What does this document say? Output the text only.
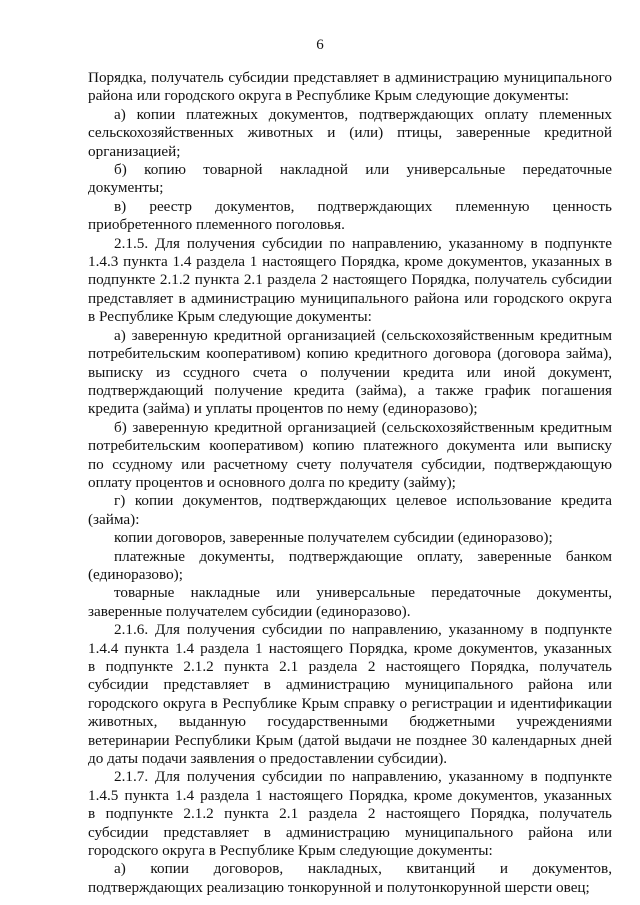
6
Порядка, получатель субсидии представляет в администрацию муниципального
района или городского округа в Республике Крым следующие документы:
а) копии платежных документов, подтверждающих оплату племенных
сельскохозяйственных животных и (или) птицы, заверенные кредитной
организацией;
б) копию товарной накладной или универсальные передаточные
документы;
в) реестр документов, подтверждающих племенную ценность
приобретенного племенного поголовья.
2.1.5. Для получения субсидии по направлению, указанному в подпункте
1.4.3 пункта 1.4 раздела 1 настоящего Порядка, кроме документов, указанных в
подпункте 2.1.2 пункта 2.1 раздела 2 настоящего Порядка, получатель субсидии
представляет в администрацию муниципального района или городского округа
в Республике Крым следующие документы:
а) заверенную кредитной организацией (сельскохозяйственным кредитным
потребительским кооперативом) копию кредитного договора (договора займа),
выписку из ссудного счета о получении кредита или иной документ,
подтверждающий получение кредита (займа), а также график погашения
кредита (займа) и уплаты процентов по нему (единоразово);
б) заверенную кредитной организацией (сельскохозяйственным кредитным
потребительским кооперативом) копию платежного документа или выписку
по ссудному или расчетному счету получателя субсидии, подтверждающую
оплату процентов и основного долга по кредиту (займу);
г) копии документов, подтверждающих целевое использование кредита
(займа):
копии договоров, заверенные получателем субсидии (единоразово);
платежные документы, подтверждающие оплату, заверенные банком
(единоразово);
товарные накладные или универсальные передаточные документы,
заверенные получателем субсидии (единоразово).
2.1.6. Для получения субсидии по направлению, указанному в подпункте
1.4.4 пункта 1.4 раздела 1 настоящего Порядка, кроме документов, указанных
в подпункте 2.1.2 пункта 2.1 раздела 2 настоящего Порядка, получатель
субсидии представляет в администрацию муниципального района или
городского округа в Республике Крым справку о регистрации и идентификации
животных, выданную государственными бюджетными учреждениями
ветеринарии Республики Крым (датой выдачи не позднее 30 календарных дней
до даты подачи заявления о предоставлении субсидии).
2.1.7. Для получения субсидии по направлению, указанному в подпункте
1.4.5 пункта 1.4 раздела 1 настоящего Порядка, кроме документов, указанных
в подпункте 2.1.2 пункта 2.1 раздела 2 настоящего Порядка, получатель
субсидии представляет в администрацию муниципального района или
городского округа в Республике Крым следующие документы:
а) копии договоров, накладных, квитанций и документов,
подтверждающих реализацию тонкорунной и полутонкорунной шерсти овец;
